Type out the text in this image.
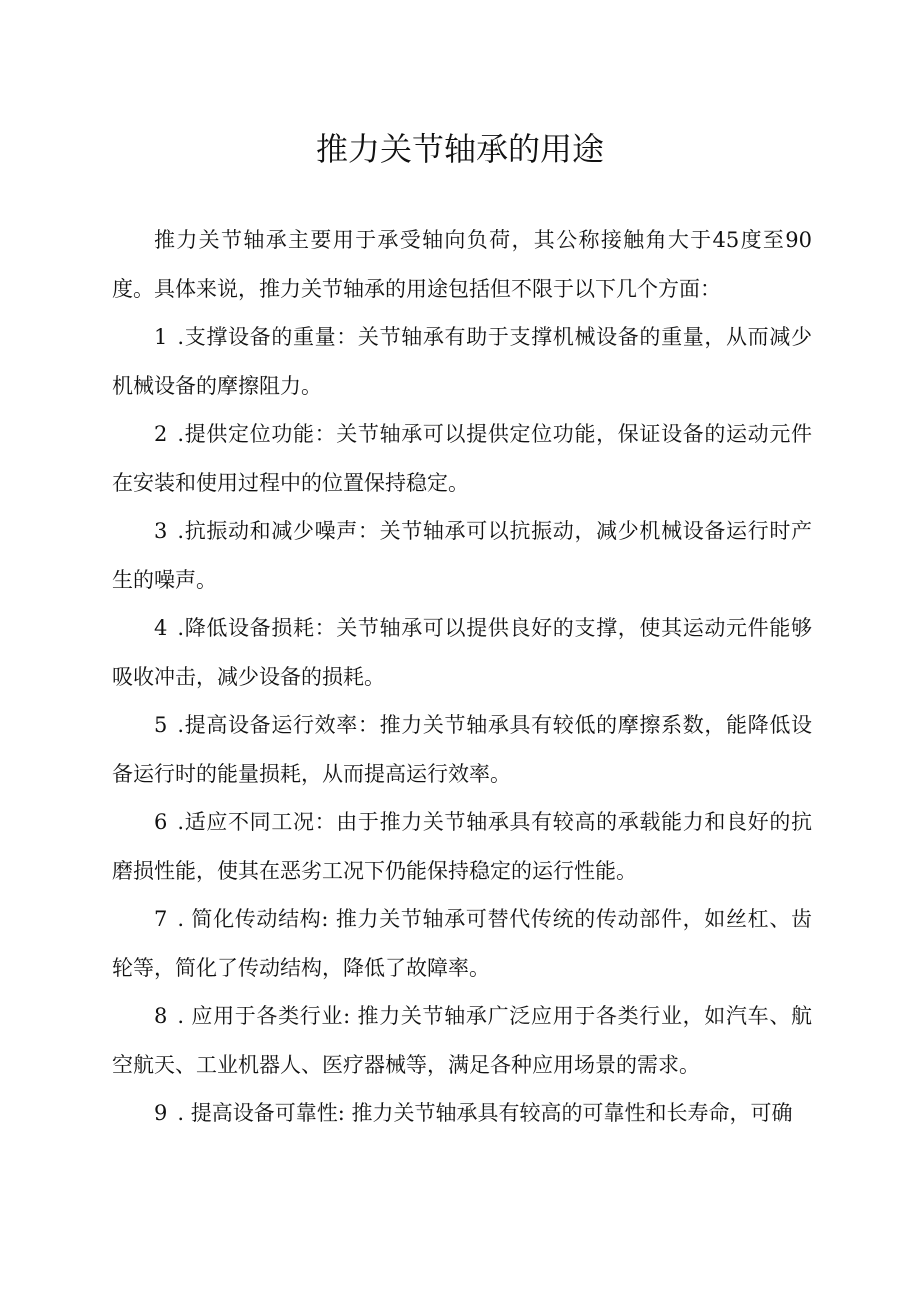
推力关节轴承的用途

推力关节轴承主要用于承受轴向负荷，其公称接触角大于45度至90度。具体来说，推力关节轴承的用途包括但不限于以下几个方面：

1 .支撑设备的重量：关节轴承有助于支撑机械设备的重量，从而减少机械设备的摩擦阻力。

2 .提供定位功能：关节轴承可以提供定位功能，保证设备的运动元件在安装和使用过程中的位置保持稳定。

3 .抗振动和减少噪声：关节轴承可以抗振动，减少机械设备运行时产生的噪声。

4 .降低设备损耗：关节轴承可以提供良好的支撑，使其运动元件能够吸收冲击，减少设备的损耗。

5 .提高设备运行效率：推力关节轴承具有较低的摩擦系数，能降低设备运行时的能量损耗，从而提高运行效率。

6 .适应不同工况：由于推力关节轴承具有较高的承载能力和良好的抗磨损性能，使其在恶劣工况下仍能保持稳定的运行性能。

7 . 简化传动结构: 推力关节轴承可替代传统的传动部件，如丝杠、齿轮等，简化了传动结构，降低了故障率。

8 . 应用于各类行业: 推力关节轴承广泛应用于各类行业，如汽车、航空航天、工业机器人、医疗器械等，满足各种应用场景的需求。

9 . 提高设备可靠性: 推力关节轴承具有较高的可靠性和长寿命，可确
